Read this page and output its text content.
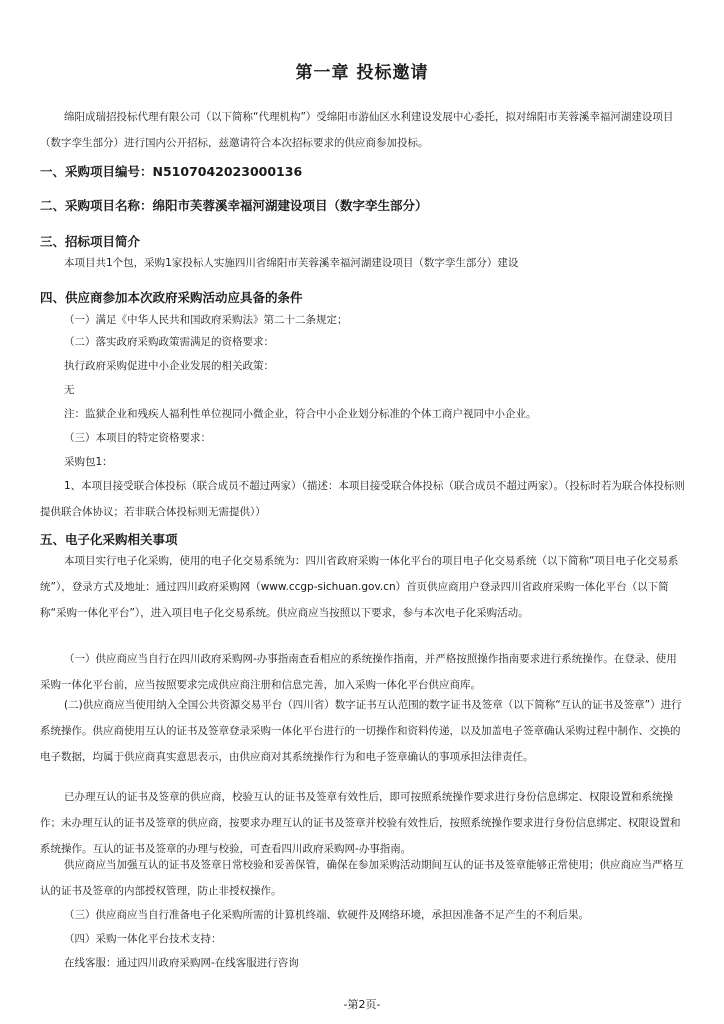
第一章 投标邀请

绵阳成瑞招投标代理有限公司（以下简称“代理机构”）受绵阳市游仙区水利建设发展中心委托，拟对绵阳市芙蓉溪幸福河湖建设项目（数字孪生部分）进行国内公开招标，兹邀请符合本次招标要求的供应商参加投标。

一、采购项目编号：N5107042023000136

二、采购项目名称：绵阳市芙蓉溪幸福河湖建设项目（数字孪生部分）

三、招标项目简介

本项目共1个包，采购1家投标人实施四川省绵阳市芙蓉溪幸福河湖建设项目（数字孪生部分）建设

四、供应商参加本次政府采购活动应具备的条件

（一）满足《中华人民共和国政府采购法》第二十二条规定；

（二）落实政府采购政策需满足的资格要求：

执行政府采购促进中小企业发展的相关政策：

无

注：监狱企业和残疾人福利性单位视同小微企业，符合中小企业划分标准的个体工商户视同中小企业。

（三）本项目的特定资格要求：

采购包1：

1、本项目接受联合体投标（联合成员不超过两家）（描述：本项目接受联合体投标（联合成员不超过两家）。（投标时若为联合体投标则提供联合体协议；若非联合体投标则无需提供））

五、电子化采购相关事项

本项目实行电子化采购，使用的电子化交易系统为：四川省政府采购一体化平台的项目电子化交易系统（以下简称“项目电子化交易系统”），登录方式及地址：通过四川政府采购网（www.ccgp-sichuan.gov.cn）首页供应商用户登录四川省政府采购一体化平台（以下简称“采购一体化平台”），进入项目电子化交易系统。供应商应当按照以下要求，参与本次电子化采购活动。

（一）供应商应当自行在四川政府采购网-办事指南查看相应的系统操作指南，并严格按照操作指南要求进行系统操作。在登录、使用采购一体化平台前，应当按照要求完成供应商注册和信息完善，加入采购一体化平台供应商库。

(二)供应商应当使用纳入全国公共资源交易平台（四川省）数字证书互认范围的数字证书及签章（以下简称“互认的证书及签章”）进行系统操作。供应商使用互认的证书及签章登录采购一体化平台进行的一切操作和资料传递，以及加盖电子签章确认采购过程中制作、交换的电子数据，均属于供应商真实意思表示，由供应商对其系统操作行为和电子签章确认的事项承担法律责任。

已办理互认的证书及签章的供应商，校验互认的证书及签章有效性后，即可按照系统操作要求进行身份信息绑定、权限设置和系统操作；未办理互认的证书及签章的供应商，按要求办理互认的证书及签章并校验有效性后，按照系统操作要求进行身份信息绑定、权限设置和系统操作。互认的证书及签章的办理与校验，可查看四川政府采购网-办事指南。

供应商应当加强互认的证书及签章日常校验和妥善保管，确保在参加采购活动期间互认的证书及签章能够正常使用；供应商应当严格互认的证书及签章的内部授权管理，防止非授权操作。

（三）供应商应当自行准备电子化采购所需的计算机终端、软硬件及网络环境，承担因准备不足产生的不利后果。

（四）采购一体化平台技术支持：

在线客服：通过四川政府采购网-在线客服进行咨询

-第2页-
